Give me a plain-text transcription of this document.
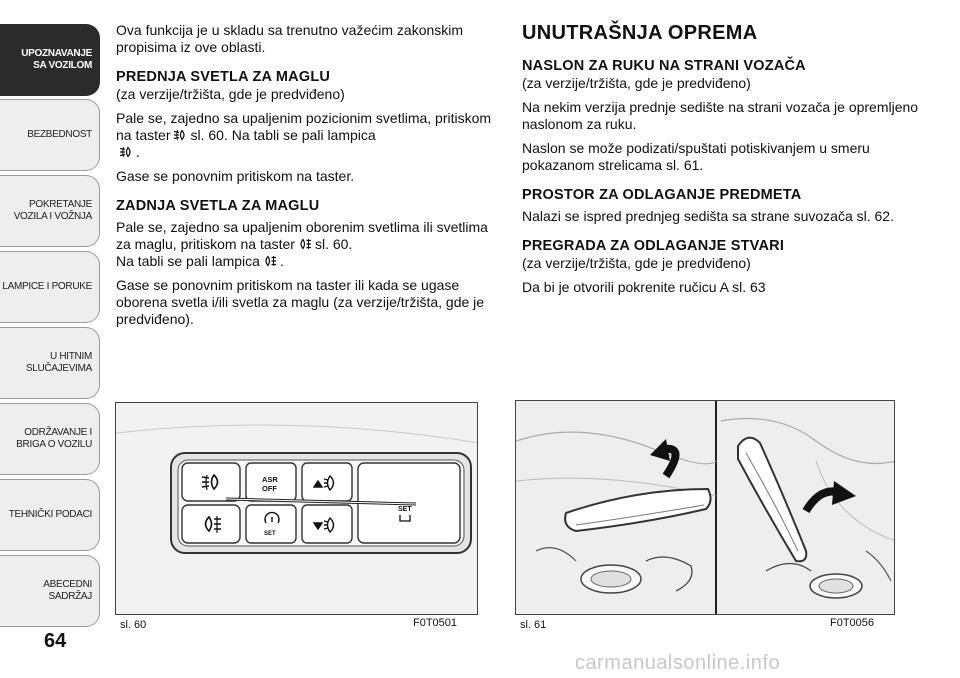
UPOZNAVANJE SA VOZILOM
BEZBEDNOST
POKRETANJE VOZILA I VOŽNJA
LAMPICE I PORUKE
U HITNIM SLUČAJEVIMA
ODRŽAVANJE I BRIGA O VOZILU
TEHNIČKI PODACI
ABECEDNI SADRŽAJ
64

Ova funkcija je u skladu sa trenutno važećim zakonskim propisima iz ove oblasti.

PREDNJA SVETLA ZA MAGLU

(za verzije/tržišta, gde je predviđeno)

Pale se, zajedno sa upaljenim pozicionim svetlima, pritiskom na taster sl. 60. Na tabli se pali lampica
.

Gase se ponovnim pritiskom na taster.

ZADNJA SVETLA ZA MAGLU

Pale se, zajedno sa upaljenim oborenim svetlima ili svetlima za maglu, pritiskom na taster sl. 60.
Na tabli se pali lampica .

Gase se ponovnim pritiskom na taster ili kada se ugase oborena svetla i/ili svetla za maglu (za verzije/tržišta, gde je predviđeno).

UNUTRAŠNJA OPREMA
NASLON ZA RUKU NA STRANI VOZAČA

(za verzije/tržišta, gde je predviđeno)

Na nekim verzija prednje sedište na strani vozača je opremljeno naslonom za ruku.

Naslon se može podizati/spuštati potiskivanjem u smeru pokazanom strelicama sl. 61.

PROSTOR ZA ODLAGANJE PREDMETA

Nalazi se ispred prednjeg sedišta sa strane suvozača sl. 62.

PREGRADA ZA ODLAGANJE STVARI

(za verzije/tržišta, gde je predviđeno)

Da bi je otvorili pokrenite ručicu A sl. 63

ASR
OFF
SET
SET
sl. 60	F0T0501	sl. 61	F0T0056
carmanualsonline.info
